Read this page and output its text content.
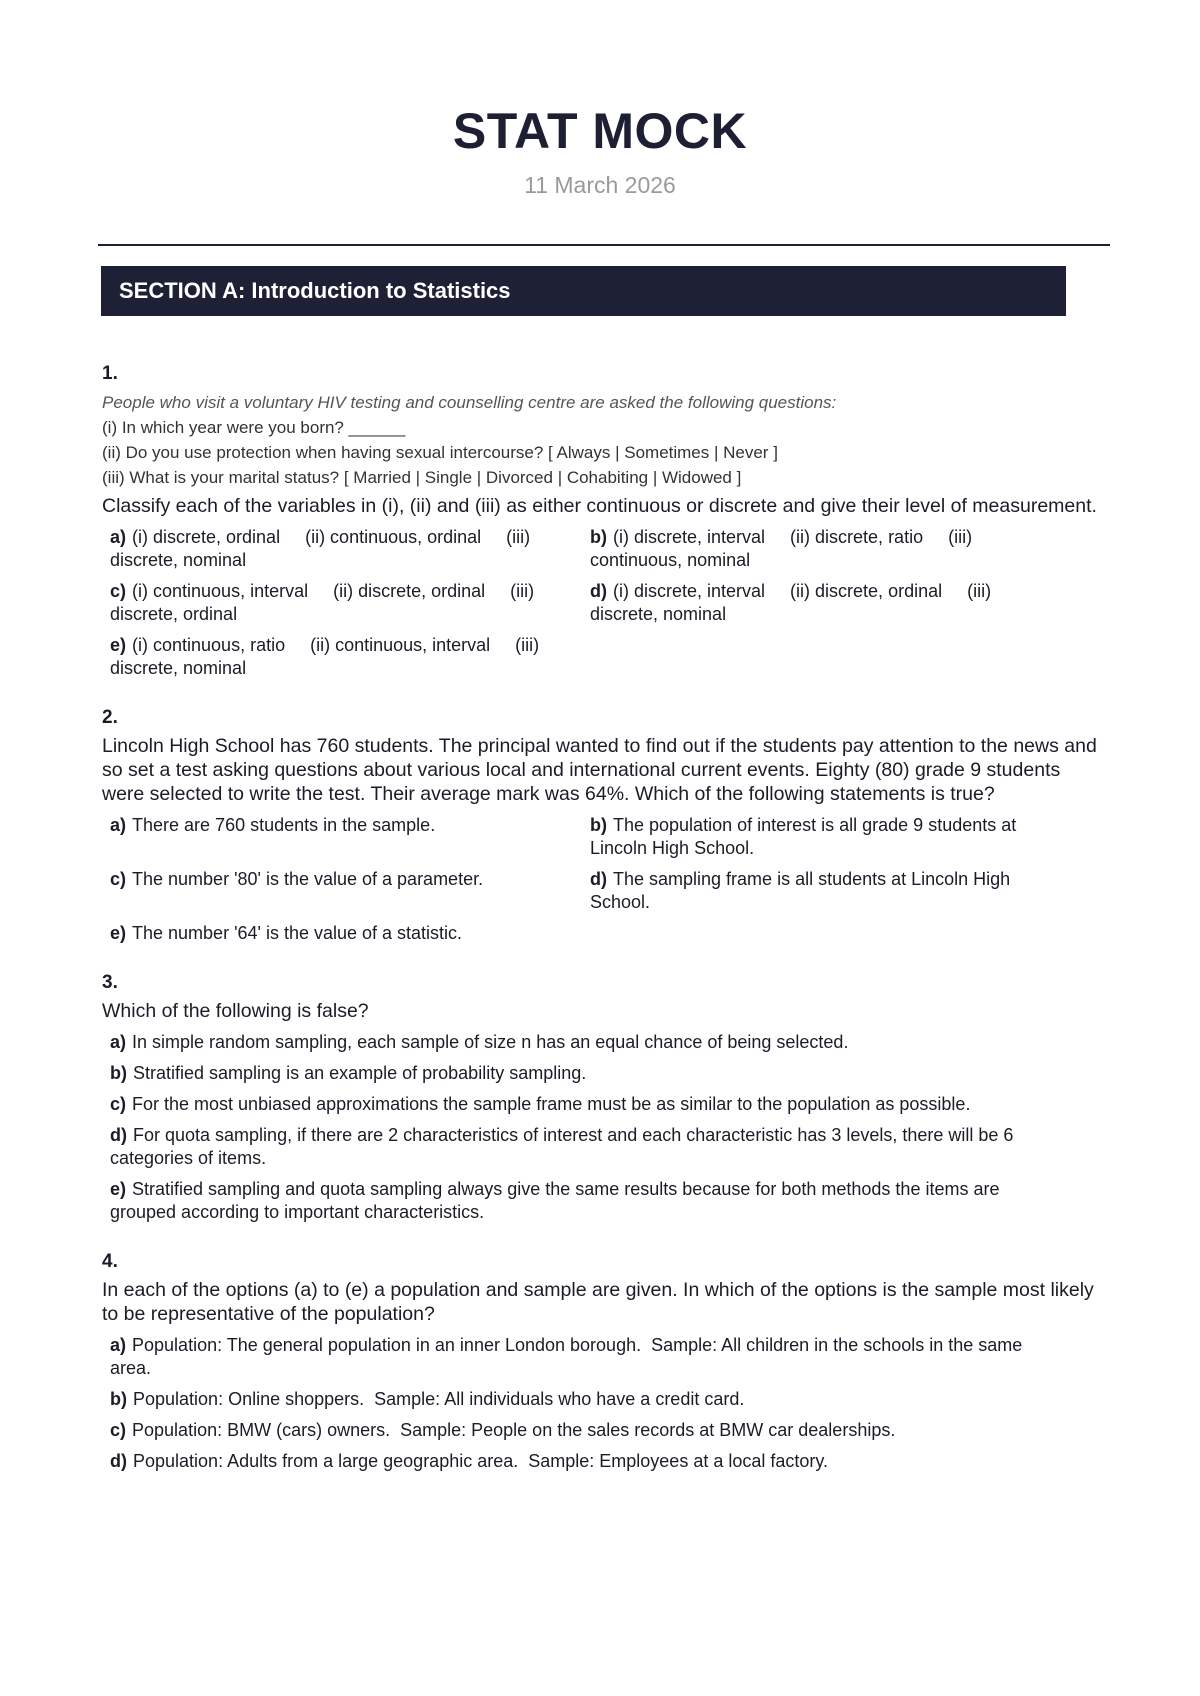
STAT MOCK
11 March 2026
SECTION A: Introduction to Statistics
1.
People who visit a voluntary HIV testing and counselling centre are asked the following questions:
(i) In which year were you born? ______
(ii) Do you use protection when having sexual intercourse? [ Always | Sometimes | Never ]
(iii) What is your marital status? [ Married | Single | Divorced | Cohabiting | Widowed ]
Classify each of the variables in (i), (ii) and (iii) as either continuous or discrete and give their level of measurement.
a) (i) discrete, ordinal     (ii) continuous, ordinal     (iii) discrete, nominal
b) (i) discrete, interval     (ii) discrete, ratio     (iii) continuous, nominal
c) (i) continuous, interval     (ii) discrete, ordinal     (iii) discrete, ordinal
d) (i) discrete, interval     (ii) discrete, ordinal     (iii) discrete, nominal
e) (i) continuous, ratio     (ii) continuous, interval     (iii) discrete, nominal
2.
Lincoln High School has 760 students. The principal wanted to find out if the students pay attention to the news and so set a test asking questions about various local and international current events. Eighty (80) grade 9 students were selected to write the test. Their average mark was 64%. Which of the following statements is true?
a) There are 760 students in the sample.	b) The population of interest is all grade 9 students at Lincoln High School.
c) The number '80' is the value of a parameter.	d) The sampling frame is all students at Lincoln High School.
e) The number '64' is the value of a statistic.
3.
Which of the following is false?
a) In simple random sampling, each sample of size n has an equal chance of being selected.
b) Stratified sampling is an example of probability sampling.
c) For the most unbiased approximations the sample frame must be as similar to the population as possible.
d) For quota sampling, if there are 2 characteristics of interest and each characteristic has 3 levels, there will be 6 categories of items.
e) Stratified sampling and quota sampling always give the same results because for both methods the items are grouped according to important characteristics.
4.
In each of the options (a) to (e) a population and sample are given. In which of the options is the sample most likely to be representative of the population?
a) Population: The general population in an inner London borough.  Sample: All children in the schools in the same area.
b) Population: Online shoppers.  Sample: All individuals who have a credit card.
c) Population: BMW (cars) owners.  Sample: People on the sales records at BMW car dealerships.
d) Population: Adults from a large geographic area.  Sample: Employees at a local factory.
